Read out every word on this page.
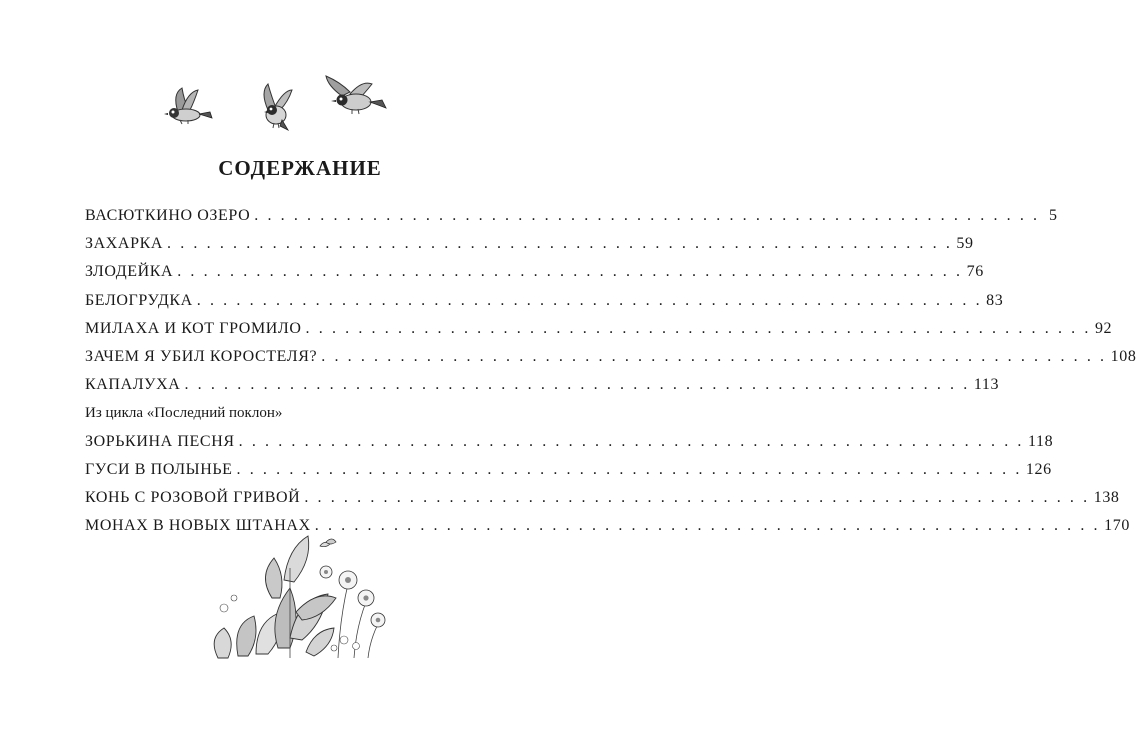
СОДЕРЖАНИЕ
ВАСЮТКИНО ОЗЕРО . . . . . . . . . . . . . . . . . . . . . . . . . . . . . . . . . . . . . . . . . . . . . . . . . . . . . . . . . . . . 5
ЗАХАРКА . . . . . . . . . . . . . . . . . . . . . . . . . . . . . . . . . . . . . . . . . . . . . . . . . . . . . . . . . . . . 59
ЗЛОДЕЙКА . . . . . . . . . . . . . . . . . . . . . . . . . . . . . . . . . . . . . . . . . . . . . . . . . . . . . . . . . . . . 76
БЕЛОГРУДКА . . . . . . . . . . . . . . . . . . . . . . . . . . . . . . . . . . . . . . . . . . . . . . . . . . . . . . . . . . . . 83
МИЛАХА И КОТ ГРОМИЛО . . . . . . . . . . . . . . . . . . . . . . . . . . . . . . . . . . . . . . . . . . . . . . . . . . . . . . . . . . . . 92
ЗАЧЕМ Я УБИЛ КОРОСТЕЛЯ? . . . . . . . . . . . . . . . . . . . . . . . . . . . . . . . . . . . . . . . . . . . . . . . . . . . . . . . . . . . . 108
КАПАЛУХА . . . . . . . . . . . . . . . . . . . . . . . . . . . . . . . . . . . . . . . . . . . . . . . . . . . . . . . . . . . . 113
Из цикла «Последний поклон»
ЗОРЬКИНА ПЕСНЯ . . . . . . . . . . . . . . . . . . . . . . . . . . . . . . . . . . . . . . . . . . . . . . . . . . . . . . . . . . . . 118
ГУСИ В ПОЛЫНЬЕ . . . . . . . . . . . . . . . . . . . . . . . . . . . . . . . . . . . . . . . . . . . . . . . . . . . . . . . . . . . . 126
КОНЬ С РОЗОВОЙ ГРИВОЙ . . . . . . . . . . . . . . . . . . . . . . . . . . . . . . . . . . . . . . . . . . . . . . . . . . . . . . . . . . . . 138
МОНАХ В НОВЫХ ШТАНАХ . . . . . . . . . . . . . . . . . . . . . . . . . . . . . . . . . . . . . . . . . . . . . . . . . . . . . . . . . . . . 170
